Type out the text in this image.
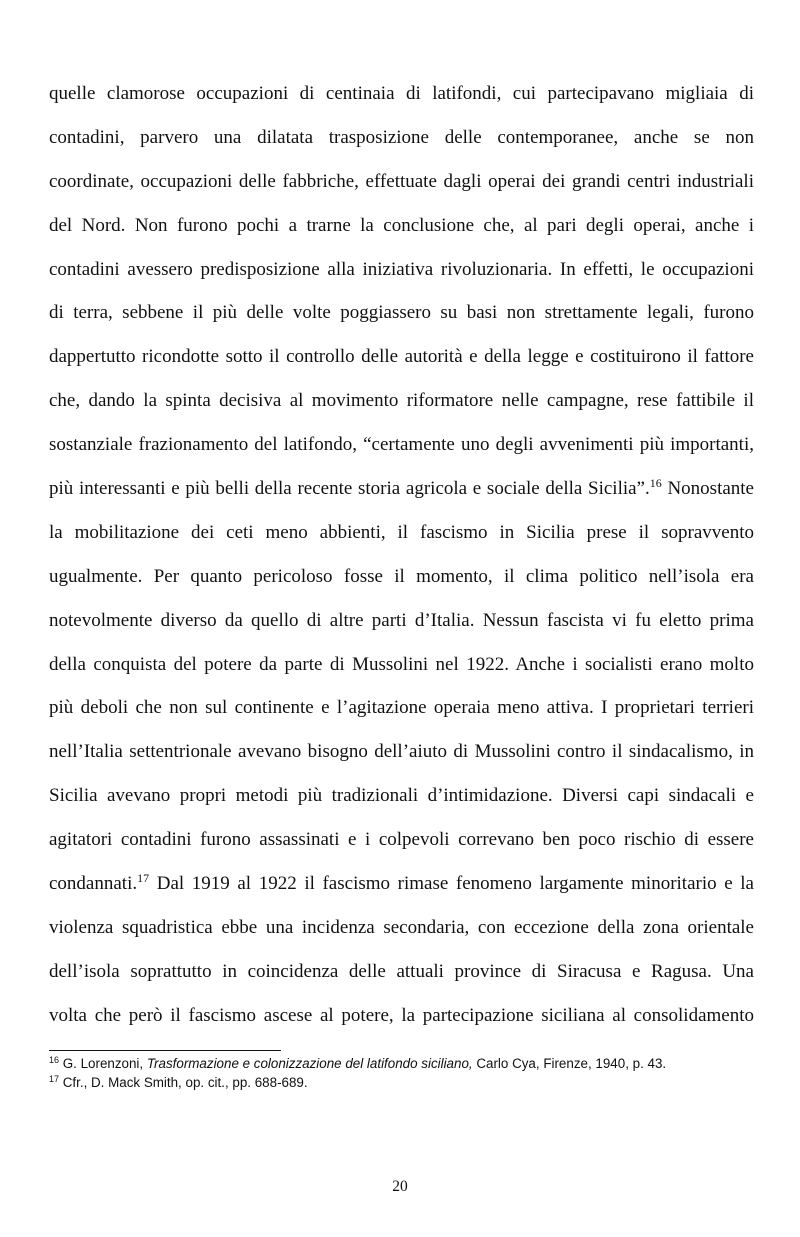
quelle clamorose occupazioni di centinaia di latifondi, cui partecipavano migliaia di
contadini, parvero una dilatata trasposizione delle contemporanee, anche se non
coordinate, occupazioni delle fabbriche, effettuate dagli operai dei grandi centri industriali
del Nord. Non furono pochi a trarne la conclusione che, al pari degli operai, anche i
contadini avessero predisposizione alla iniziativa rivoluzionaria. In effetti, le occupazioni
di terra, sebbene il più delle volte poggiassero su basi non strettamente legali, furono
dappertutto ricondotte sotto il controllo delle autorità e della legge e costituirono il fattore
che, dando la spinta decisiva al movimento riformatore nelle campagne, rese fattibile il
sostanziale frazionamento del latifondo, “certamente uno degli avvenimenti più importanti,
più interessanti e più belli della recente storia agricola e sociale della Sicilia”.$^{16}$ Nonostante
la mobilitazione dei ceti meno abbienti, il fascismo in Sicilia prese il sopravvento
ugualmente. Per quanto pericoloso fosse il momento, il clima politico nell’isola era
notevolmente diverso da quello di altre parti d’Italia. Nessun fascista vi fu eletto prima
della conquista del potere da parte di Mussolini nel 1922. Anche i socialisti erano molto
più deboli che non sul continente e l’agitazione operaia meno attiva. I proprietari terrieri
nell’Italia settentrionale avevano bisogno dell’aiuto di Mussolini contro il sindacalismo, in
Sicilia avevano propri metodi più tradizionali d’intimidazione. Diversi capi sindacali e
agitatori contadini furono assassinati e i colpevoli correvano ben poco rischio di essere
condannati.$^{17}$ Dal 1919 al 1922 il fascismo rimase fenomeno largamente minoritario e la
violenza squadristica ebbe una incidenza secondaria, con eccezione della zona orientale
dell’isola soprattutto in coincidenza delle attuali province di Siracusa e Ragusa. Una
volta che però il fascismo ascese al potere, la partecipazione siciliana al consolidamento
$^{16}$ G. Lorenzoni, Trasformazione e colonizzazione del latifondo siciliano, Carlo Cya, Firenze, 1940, p. 43.
$^{17}$ Cfr., D. Mack Smith, op. cit., pp. 688-689.
20
